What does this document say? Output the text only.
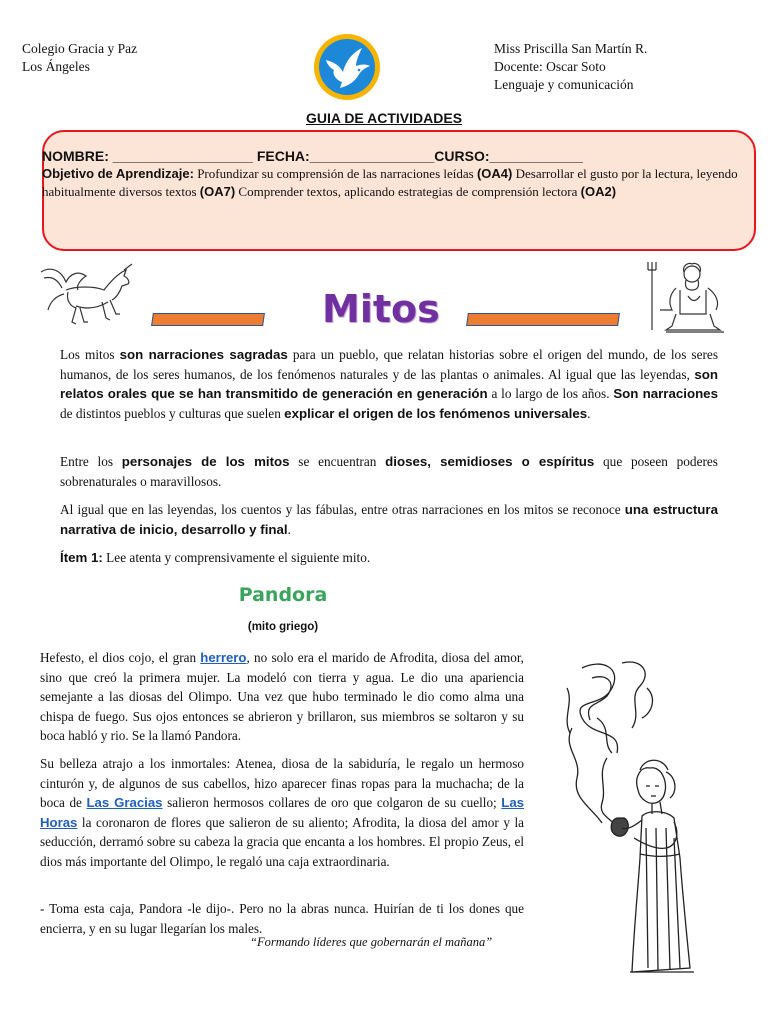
Colegio Gracia y Paz
Los Ángeles
Miss Priscilla San Martín R.
Docente: Oscar Soto
Lenguaje y comunicación
GUIA DE ACTIVIDADES
NOMBRE: __________________ FECHA:________________CURSO:____________
Objetivo de Aprendizaje: Profundizar su comprensión de las narraciones leídas (OA4) Desarrollar el gusto por la lectura, leyendo habitualmente diversos textos (OA7) Comprender textos, aplicando estrategias de comprensión lectora (OA2)
Mitos
Los mitos son narraciones sagradas para un pueblo, que relatan historias sobre el origen del mundo, de los seres humanos, de los seres humanos, de los fenómenos naturales y de las plantas o animales. Al igual que las leyendas, son relatos orales que se han transmitido de generación en generación a lo largo de los años. Son narraciones de distintos pueblos y culturas que suelen explicar el origen de los fenómenos universales.
Entre los personajes de los mitos se encuentran dioses, semidioses o espíritus que poseen poderes sobrenaturales o maravillosos.
Al igual que en las leyendas, los cuentos y las fábulas, entre otras narraciones en los mitos se reconoce una estructura narrativa de inicio, desarrollo y final.
Ítem 1: Lee atenta y comprensivamente el siguiente mito.
Pandora
(mito griego)
Hefesto, el dios cojo, el gran herrero, no solo era el marido de Afrodita, diosa del amor, sino que creó la primera mujer. La modeló con tierra y agua. Le dio una apariencia semejante a las diosas del Olimpo. Una vez que hubo terminado le dio como alma una chispa de fuego. Sus ojos entonces se abrieron y brillaron, sus miembros se soltaron y su boca habló y rio. Se la llamó Pandora.
Su belleza atrajo a los inmortales: Atenea, diosa de la sabiduría, le regalo un hermoso cinturón y, de algunos de sus cabellos, hizo aparecer finas ropas para la muchacha; de la boca de Las Gracias salieron hermosos collares de oro que colgaron de su cuello; Las Horas la coronaron de flores que salieron de su aliento; Afrodita, la diosa del amor y la seducción, derramó sobre su cabeza la gracia que encanta a los hombres. El propio Zeus, el dios más importante del Olimpo, le regaló una caja extraordinaria.
- Toma esta caja, Pandora -le dijo-. Pero no la abras nunca. Huirían de ti los dones que encierra, y en su lugar llegarían los males.
“Formando líderes que gobernarán el mañana”
